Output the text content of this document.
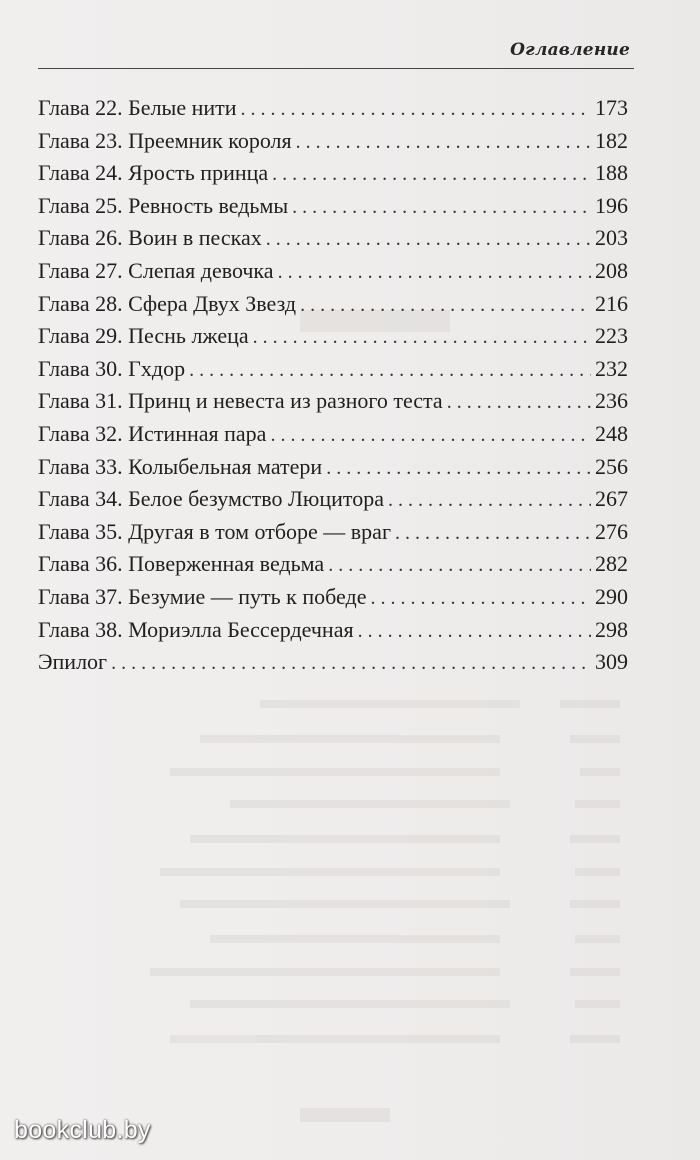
Оглавление
Глава 22. Белые нити . . .	173
Глава 23. Преемник короля . . .	182
Глава 24. Ярость принца . . .	188
Глава 25. Ревность ведьмы . . .	196
Глава 26. Воин в песках . . .	203
Глава 27. Слепая девочка . . .	208
Глава 28. Сфера Двух Звезд . . .	216
Глава 29. Песнь лжеца . . .	223
Глава 30. Гхдор . . .	232
Глава 31. Принц и невеста из разного теста . . .	236
Глава 32. Истинная пара . . .	248
Глава 33. Колыбельная матери . . .	256
Глава 34. Белое безумство Люцитора . . .	267
Глава 35. Другая в том отборе — враг . . .	276
Глава 36. Поверженная ведьма . . .	282
Глава 37. Безумие — путь к победе . . .	290
Глава 38. Мориэлла Бессердечная . . .	298
Эпилог . . .	309
bookclub.by
